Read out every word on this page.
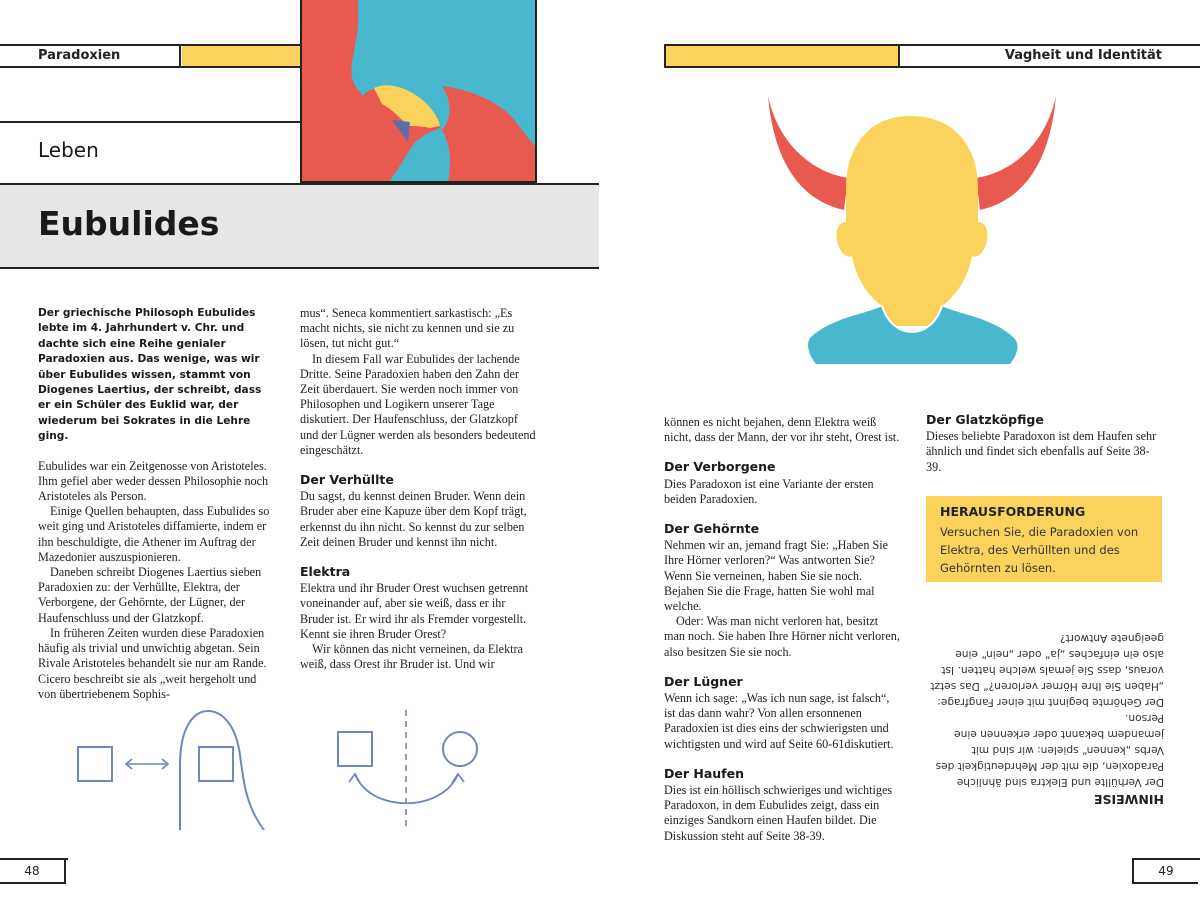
Paradoxien
Leben
Eubulides

Der griechische Philosoph Eubulides lebte im 4. Jahrhundert v. Chr. und dachte sich eine Reihe genialer Paradoxien aus. Das wenige, was wir über Eubulides wissen, stammt von Diogenes Laertius, der schreibt, dass er ein Schüler des Euklid war, der wiederum bei Sokrates in die Lehre ging.

Eubulides war ein Zeitgenosse von Aristoteles. Ihm gefiel aber weder dessen Philosophie noch Aristoteles als Person.

Einige Quellen behaupten, dass Eubulides so weit ging und Aristoteles diffamierte, indem er ihn beschuldigte, die Athener im Auftrag der Mazedonier auszuspionieren.

Daneben schreibt Diogenes Laertius sieben Paradoxien zu: der Verhüllte, Elektra, der Verborgene, der Gehörnte, der Lügner, der Haufenschluss und der Glatzkopf.

In früheren Zeiten wurden diese Paradoxien häufig als trivial und unwichtig abgetan. Sein Rivale Aristoteles behandelt sie nur am Rande. Cicero beschreibt sie als „weit hergeholt und von übertriebenem Sophis-

mus“. Seneca kommentiert sarkastisch: „Es macht nichts, sie nicht zu kennen und sie zu lösen, tut nicht gut.“

In diesem Fall war Eubulides der lachende Dritte. Seine Paradoxien haben den Zahn der Zeit überdauert. Sie werden noch immer von Philosophen und Logikern unserer Tage diskutiert. Der Haufenschluss, der Glatzkopf und der Lügner werden als besonders bedeutend eingeschätzt.

Der Verhüllte

Du sagst, du kennst deinen Bruder. Wenn dein Bruder aber eine Kapuze über dem Kopf trägt, erkennst du ihn nicht. So kennst du zur selben Zeit deinen Bruder und kennst ihn nicht.

Elektra

Elektra und ihr Bruder Orest wuchsen getrennt voneinander auf, aber sie weiß, dass er ihr Bruder ist. Er wird ihr als Fremder vorgestellt. Kennt sie ihren Bruder Orest?

Wir können das nicht verneinen, da Elektra weiß, dass Orest ihr Bruder ist. Und wir

48
Vagheit und Identität

können es nicht bejahen, denn Elektra weiß nicht, dass der Mann, der vor ihr steht, Orest ist.

Der Verborgene

Dies Paradoxon ist eine Variante der ersten beiden Paradoxien.

Der Gehörnte

Nehmen wir an, jemand fragt Sie: „Haben Sie Ihre Hörner verloren?“ Was antworten Sie? Wenn Sie verneinen, haben Sie sie noch. Bejahen Sie die Frage, hatten Sie wohl mal welche.

Oder: Was man nicht verloren hat, besitzt man noch. Sie haben Ihre Hörner nicht verloren, also besitzen Sie sie noch.

Der Lügner

Wenn ich sage: „Was ich nun sage, ist falsch“, ist das dann wahr? Von allen ersonnenen Paradoxien ist dies eins der schwierigsten und wichtigsten und wird auf Seite 60-61diskutiert.

Der Haufen

Dies ist ein höllisch schwieriges und wichtiges Paradoxon, in dem Eubulides zeigt, dass ein einziges Sandkorn einen Haufen bildet. Die Diskussion steht auf Seite 38-39.

Der Glatzköpfige

Dieses beliebte Paradoxon ist dem Haufen sehr ähnlich und findet sich ebenfalls auf Seite 38-39.

HERAUSFORDERUNG
Versuchen Sie, die Paradoxien von Elektra, des Verhüllten und des Gehörnten zu lösen.
HINWEISE
Der Verhüllte und Elektra sind ähnliche Paradoxien, die mit der Mehrdeutigkeit des Verbs „kennen“ spielen: wir sind mit jemandem bekannt oder erkennen eine Person.
Der Gehörnte beginnt mit einer Fangfrage: „Haben Sie Ihre Hörner verloren?“ Das setzt voraus, dass Sie jemals welche hatten. Ist also ein einfaches „ja“ oder „nein“ eine geeignete Antwort?
49
